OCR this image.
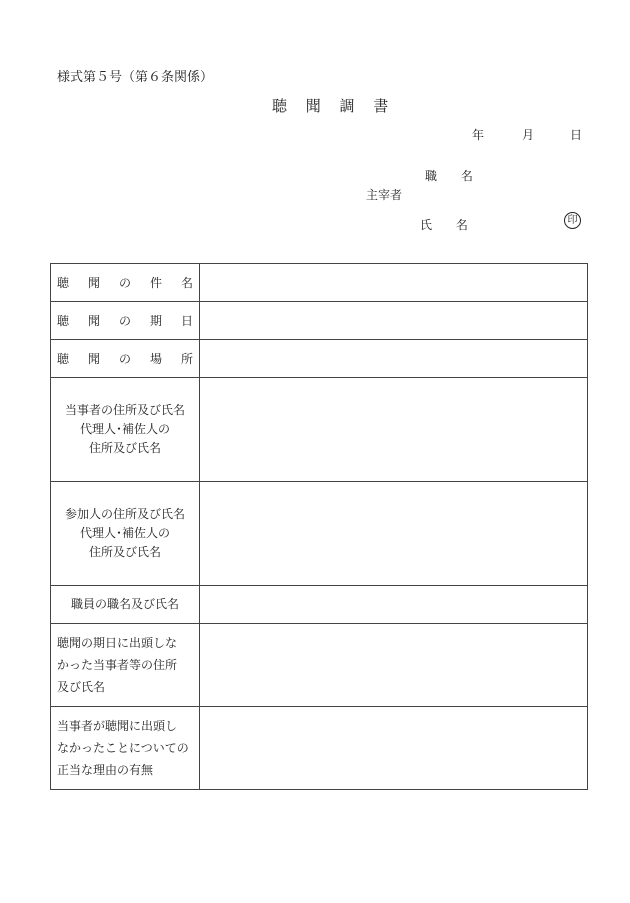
様式第５号（第６条関係）
聴 聞 調 書
年	月	日
職 名
主宰者
氏 名	印
聴 聞 の 件 名	

聴 聞 の 期 日	

聴 聞 の 場 所	

当事者の住所及び氏名
代理人･補佐人の
住所及び氏名	

参加人の住所及び氏名
代理人･補佐人の
住所及び氏名	

職員の職名及び氏名	

聴聞の期日に出頭しな
かった当事者等の住所
及び氏名	

当事者が聴聞に出頭し
なかったことについての
正当な理由の有無	
